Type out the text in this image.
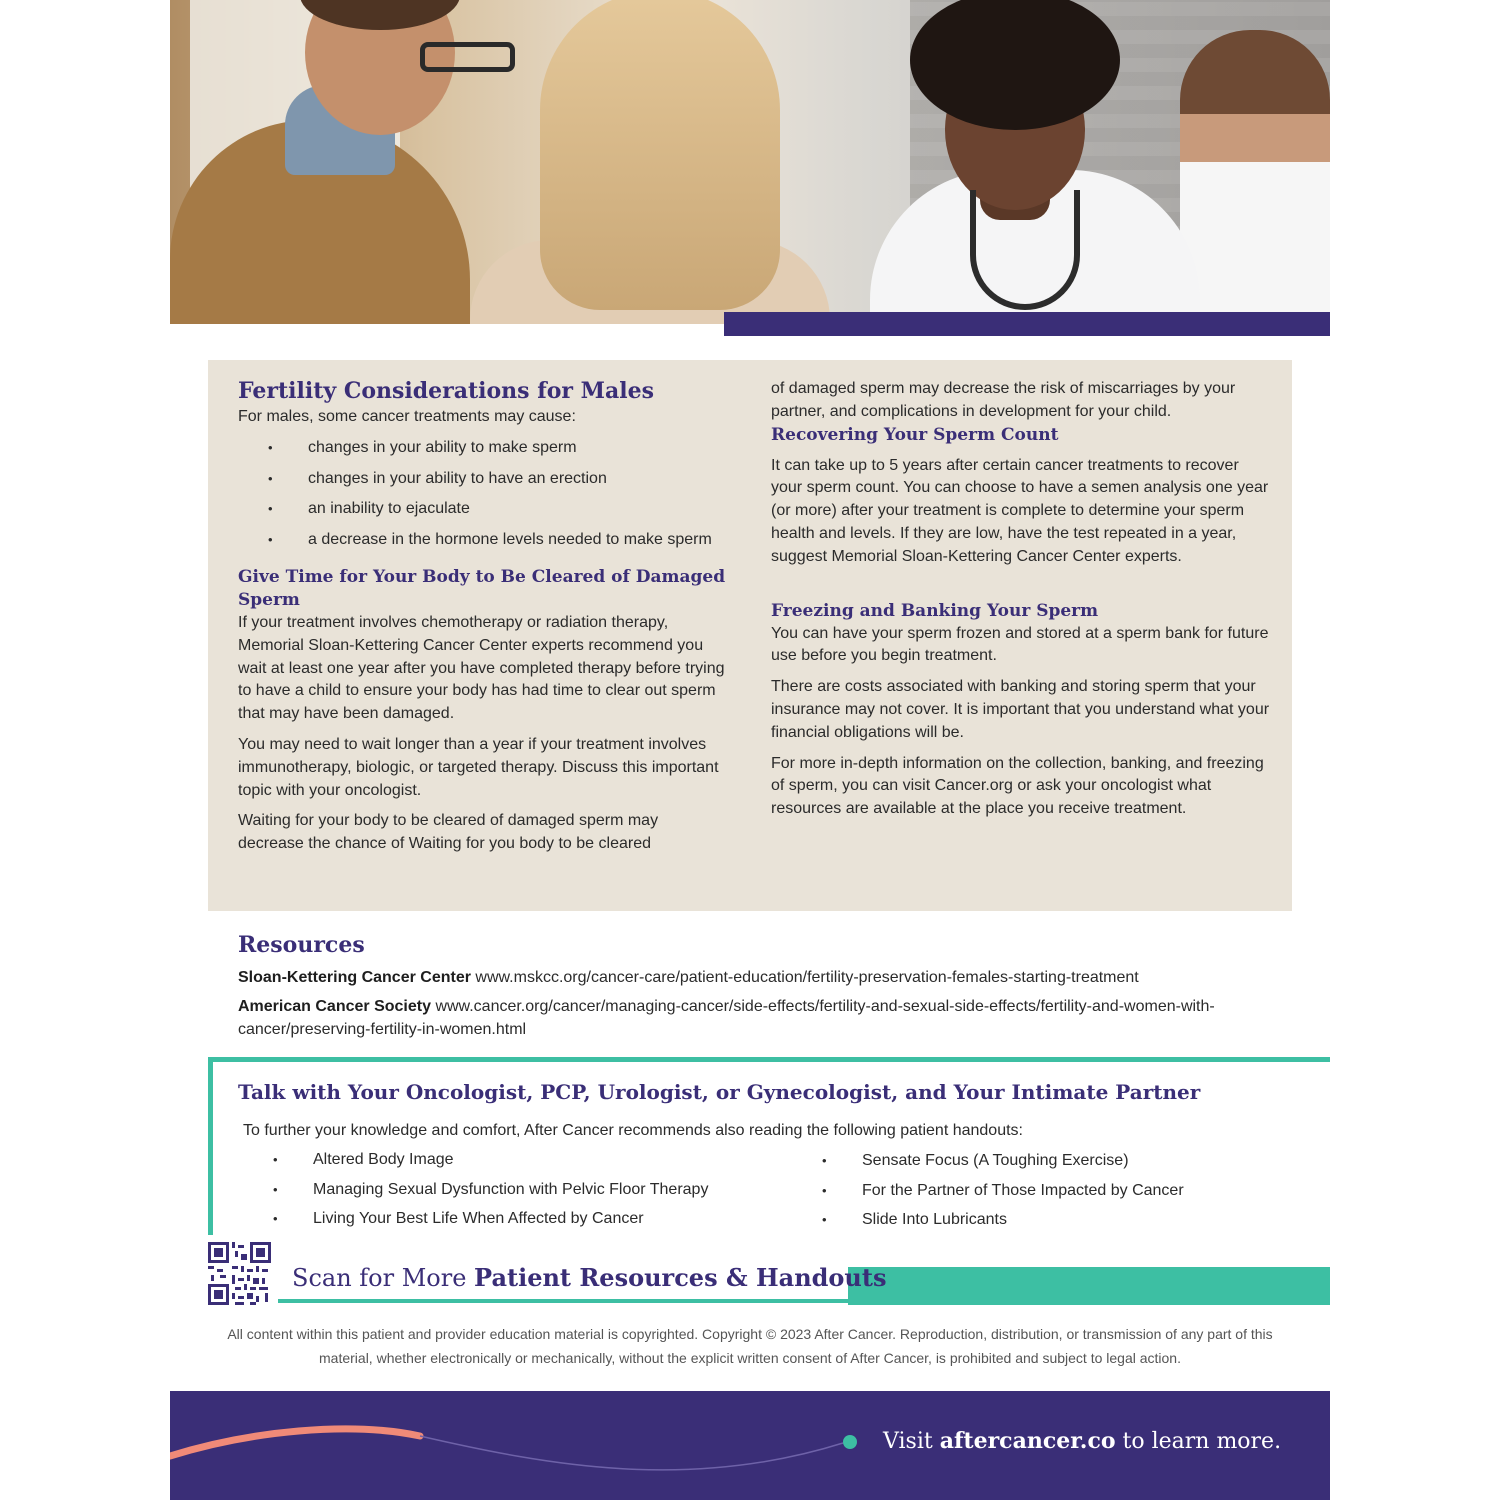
Fertility Considerations for Males
For males, some cancer treatments may cause:
• changes in your ability to make sperm
• changes in your ability to have an erection
• an inability to ejaculate
• a decrease in the hormone levels needed to make sperm
Give Time for Your Body to Be Cleared of Damaged Sperm
If your treatment involves chemotherapy or radiation therapy, Memorial Sloan-Kettering Cancer Center experts recommend you wait at least one year after you have completed therapy before trying to have a child to ensure your body has had time to clear out sperm that may have been damaged.
You may need to wait longer than a year if your treatment involves immunotherapy, biologic, or targeted therapy. Discuss this important topic with your oncologist.
Waiting for your body to be cleared of damaged sperm may decrease the chance of Waiting for you body to be cleared
of damaged sperm may decrease the risk of miscarriages by your partner, and complications in development for your child.
Recovering Your Sperm Count
It can take up to 5 years after certain cancer treatments to recover your sperm count. You can choose to have a semen analysis one year (or more) after your treatment is complete to determine your sperm health and levels. If they are low, have the test repeated in a year, suggest Memorial Sloan-Kettering Cancer Center experts.
Freezing and Banking Your Sperm
You can have your sperm frozen and stored at a sperm bank for future use before you begin treatment.
There are costs associated with banking and storing sperm that your insurance may not cover. It is important that you understand what your financial obligations will be.
For more in-depth information on the collection, banking, and freezing of sperm, you can visit Cancer.org or ask your oncologist what resources are available at the place you receive treatment.
Resources
Sloan-Kettering Cancer Center www.mskcc.org/cancer-care/patient-education/fertility-preservation-females-starting-treatment
American Cancer Society www.cancer.org/cancer/managing-cancer/side-effects/fertility-and-sexual-side-effects/fertility-and-women-with-cancer/preserving-fertility-in-women.html
Talk with Your Oncologist, PCP, Urologist, or Gynecologist, and Your Intimate Partner
To further your knowledge and comfort, After Cancer recommends also reading the following patient handouts:
• Altered Body Image
• Managing Sexual Dysfunction with Pelvic Floor Therapy
• Living Your Best Life When Affected by Cancer
• Sensate Focus (A Toughing Exercise)
• For the Partner of Those Impacted by Cancer
• Slide Into Lubricants
Scan for More Patient Resources & Handouts
All content within this patient and provider education material is copyrighted. Copyright © 2023 After Cancer. Reproduction, distribution, or transmission of any part of this material, whether electronically or mechanically, without the explicit written consent of After Cancer, is prohibited and subject to legal action.
Visit aftercancer.co to learn more.
